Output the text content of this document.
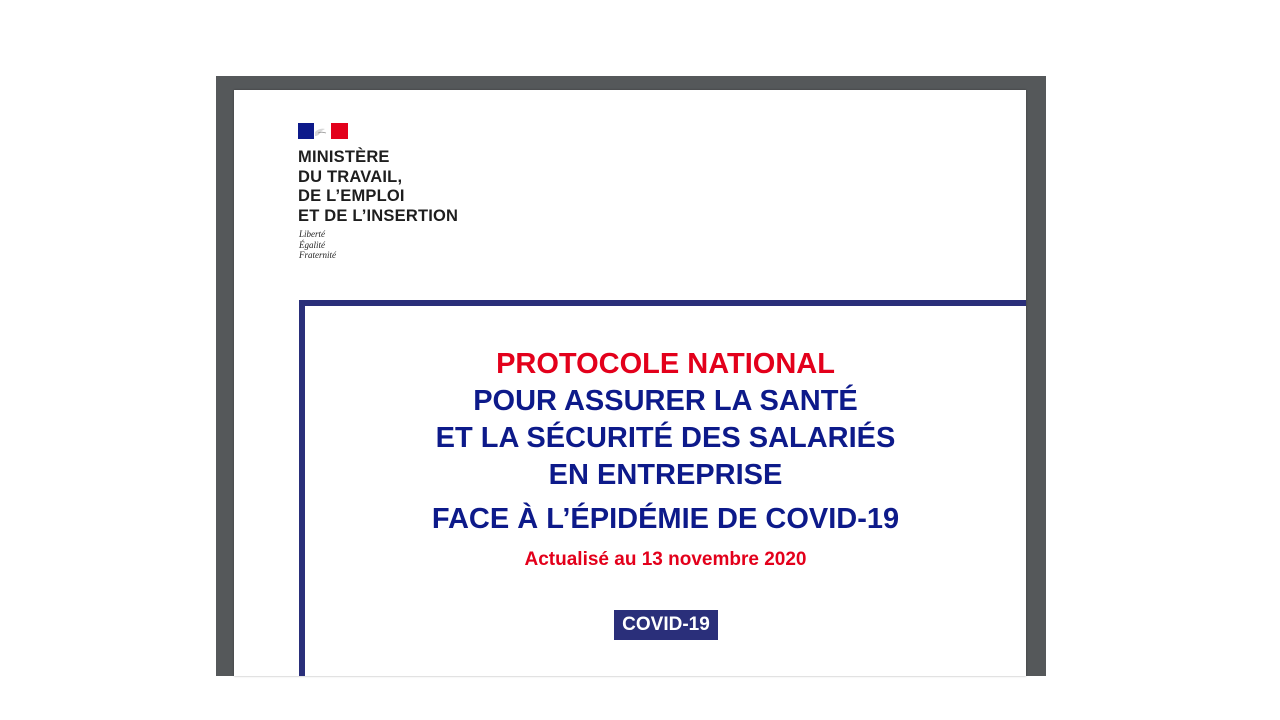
MINISTÈRE
DU TRAVAIL,
DE L’EMPLOI
ET DE L’INSERTION
Liberté
Égalité
Fraternité
PROTOCOLE NATIONAL
POUR ASSURER LA SANTÉ
ET LA SÉCURITÉ DES SALARIÉS
EN ENTREPRISE
FACE À L’ÉPIDÉMIE DE COVID-19
Actualisé au 13 novembre 2020
COVID-19
